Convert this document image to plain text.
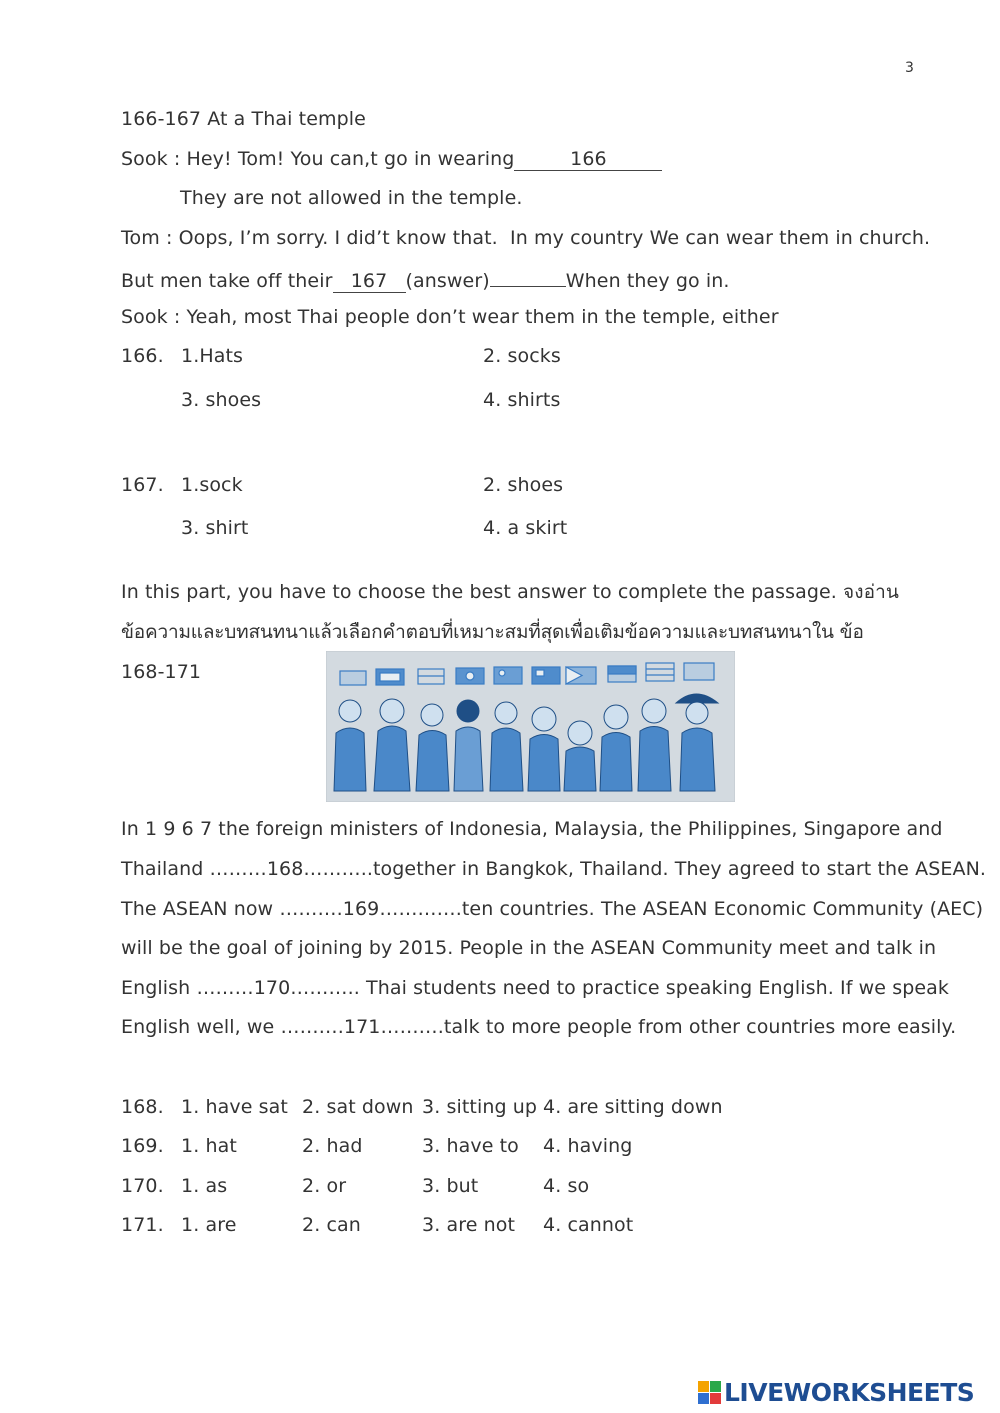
3
166-167 At a Thai temple
Sook : Hey! Tom! You can,t go in wearing	166
They are not allowed in the temple.
Tom : Oops, I’m sorry. I did’t know that.  In my country We can wear them in church.
But men take off their 167 (answer)	When they go in.
Sook : Yeah, most Thai people don’t wear them in the temple, either
166. 1.Hats	2. socks
3. shoes	4. shirts
167. 1.sock	2. shoes
3. shirt	4. a skirt
In this part, you have to choose the best answer to complete the passage. จงอ่าน
ข้อความและบทสนทนาแล้วเลือกคำตอบที่เหมาะสมที่สุดเพื่อเติมข้อความและบทสนทนาใน ข้อ
168-171
In 1 9 6 7 the foreign ministers of Indonesia, Malaysia, the Philippines, Singapore and
Thailand ………168………..together in Bangkok, Thailand. They agreed to start the ASEAN.
The ASEAN now ……….169………….ten countries. The ASEAN Economic Community (AEC)
will be the goal of joining by 2015. People in the ASEAN Community meet and talk in
English ………170……….. Thai students need to practice speaking English. If we speak
English well, we ……….171……….talk to more people from other countries more easily.
168. 1. have sat 2. sat down 3. sitting up 4. are sitting down
169. 1. hat	2. had	3. have to 4. having
170. 1. as	2. or	3. but	4. so
171. 1. are	2. can	3. are not 4. cannot
LIVEWORKSHEETS
